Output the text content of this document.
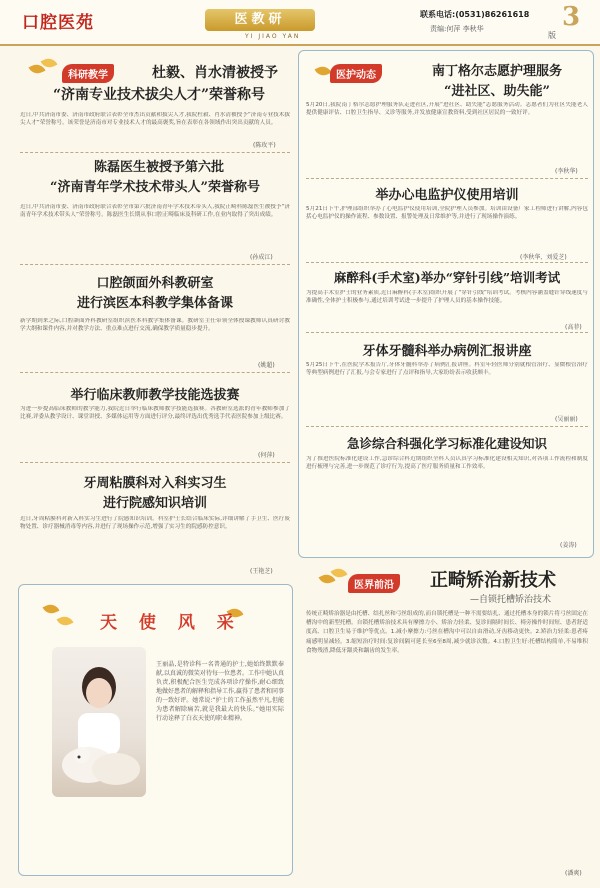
口腔医苑	医教研
YI JIAO YAN
联系电话:(0531)86261618
责编:何萍 李秋华	3
版
科研教学	杜毅、肖水清被授予
“济南专业技术拔尖人才”荣誉称号
近日,中共济南市委、济南市政府联合表彰全市杰出贡献和拔尖人才,我院杜毅、肖水清被授予“济南专业技术拔尖人才”荣誉称号。该荣誉是济南市对专业技术人才的最高褒奖,旨在表彰在各领域作出突出贡献的人员。
(陈玫平)
陈磊医生被授予第六批
“济南青年学术技术带头人”荣誉称号
近日,中共济南市委、济南市政府联合表彰全市第六批济南青年学术技术带头人,我院正畸科陈磊医生被授予“济南青年学术技术带头人”荣誉称号。陈磊医生长期从事口腔正畸临床及科研工作,在业内取得了突出成绩。
(孙成江)
口腔颌面外科教研室
进行滨医本科教学集体备课
新学期到来之际,口腔颌面外科教研室组织滨医本科教学集体备课。教研室主任带领全体授课教师认真研讨教学大纲和课件内容,并对教学方法、重点难点进行交流,确保教学质量稳步提升。
(姚超)
举行临床教师教学技能选拔赛
为进一步提高临床教师的教学能力,我院近日举行临床教师教学技能选拔赛。各教研室选派的青年教师参加了比赛,评委从教学设计、课堂讲授、多媒体运用等方面进行评分,最终评选出优秀选手代表医院参加上级比赛。
(何萍)
牙周粘膜科对入科实习生
进行院感知识培训
近日,牙周粘膜科对新入科实习生进行了院感知识培训。科室护士长结合临床实际,详细讲解了手卫生、医疗废物处置、诊疗器械消毒等内容,并进行了现场操作示范,增强了实习生的院感防控意识。
(王艳芝)
天 使 风 采
王丽晶,是特诊科一名普通的护士,她始终默默奉献,以真诚的微笑对待每一位患者。工作中她认真负责,积极配合医生完成各项诊疗操作,耐心细致地做好患者的解释和指导工作,赢得了患者和同事的一致好评。她常说:“护士的工作虽然平凡,但能为患者解除痛苦,就是我最大的快乐。”她用实际行动诠释了白衣天使的职业精神。
医护动态	南丁格尔志愿护理服务
“进社区、助失能”
5月20日,我院南丁格尔志愿护理服务队走进社区,开展“进社区、助失能”志愿服务活动。志愿者们为社区失能老人提供健康评估、口腔卫生指导、义诊等服务,并发放健康宣教资料,受到社区居民的一致好评。
(李秋华)
举办心电监护仪使用培训
5月21日下午,护理部组织举办了心电监护仪使用培训,全院护理人员参加。培训由设备厂家工程师进行讲解,内容包括心电监护仪的操作流程、参数设置、报警处理及日常维护等,并进行了现场操作演练。
(李秋华、刘爱芝)
麻醉科(手术室)举办“穿针引线”培训考试
为提高手术室护士的业务素质,近日麻醉科(手术室)组织开展了“穿针引线”培训考试。考核内容涵盖缝针穿线速度与准确性,全体护士积极参与,通过培训考试进一步提升了护理人员的基本操作技能。
(高菲)
牙体牙髓科举办病例汇报讲座
5月25日下午,在医院学术报告厅,牙体牙髓科举办了病例汇报讲座。科室年轻医师分别就根管治疗、显微根管治疗等典型病例进行了汇报,与会专家进行了点评和指导,大家纷纷表示收获颇丰。
(吴丽丽)
急诊综合科强化学习标准化建设知识
为了推进医院标准化建设工作,急诊综合科近期组织全科人员认真学习标准化建设相关知识,对各项工作流程和制度进行梳理与完善,进一步规范了诊疗行为,提高了医疗服务质量和工作效率。
(姜涛)
医界前沿	正畸矫治新技术
—自锁托槽矫治技术
传统正畸矫治器是由托槽、结扎丝和弓丝组成的,而自锁托槽是一种不需要结扎、通过托槽本身的锁片将弓丝固定在槽沟中的新型托槽。自锁托槽矫治技术具有摩擦力小、矫治力轻柔、复诊间隔时间长、椅旁操作时间短、患者舒适度高、口腔卫生易于维护等优点。1.减小摩擦力:弓丝在槽沟中可以自由滑动,牙齿移动更快。2.矫治力轻柔:患者疼痛感明显减轻。3.缩短治疗时间:复诊间隔可延长至6至8周,减少就诊次数。4.口腔卫生好:托槽结构简单,不易堆积食物残渣,降低牙龈炎和龋齿的发生率。
(潘爽)
